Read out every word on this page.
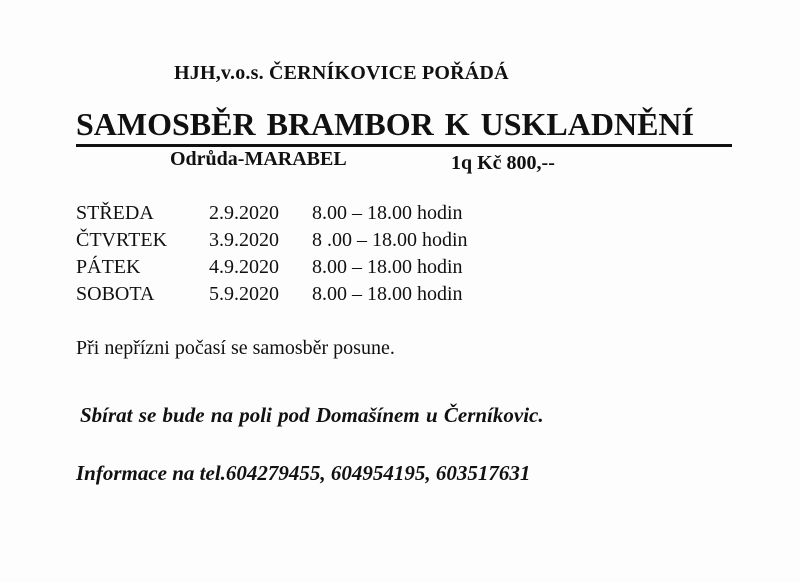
HJH,v.o.s. ČERNÍKOVICE POŘÁDÁ
SAMOSBĚR BRAMBOR K USKLADNĚNÍ
Odrůda-MARABEL	1q Kč 800,--
STŘEDA	2.9.2020 8.00 – 18.00 hodin
ČTVRTEK 3.9.2020 8 .00 – 18.00 hodin
PÁTEK	4.9.2020 8.00 – 18.00 hodin
SOBOTA	5.9.2020 8.00 – 18.00 hodin
Při nepřízni počasí se samosběr posune.
Sbírat se bude na poli pod Domašínem u Černíkovic.
Informace na tel.604279455, 604954195, 603517631
